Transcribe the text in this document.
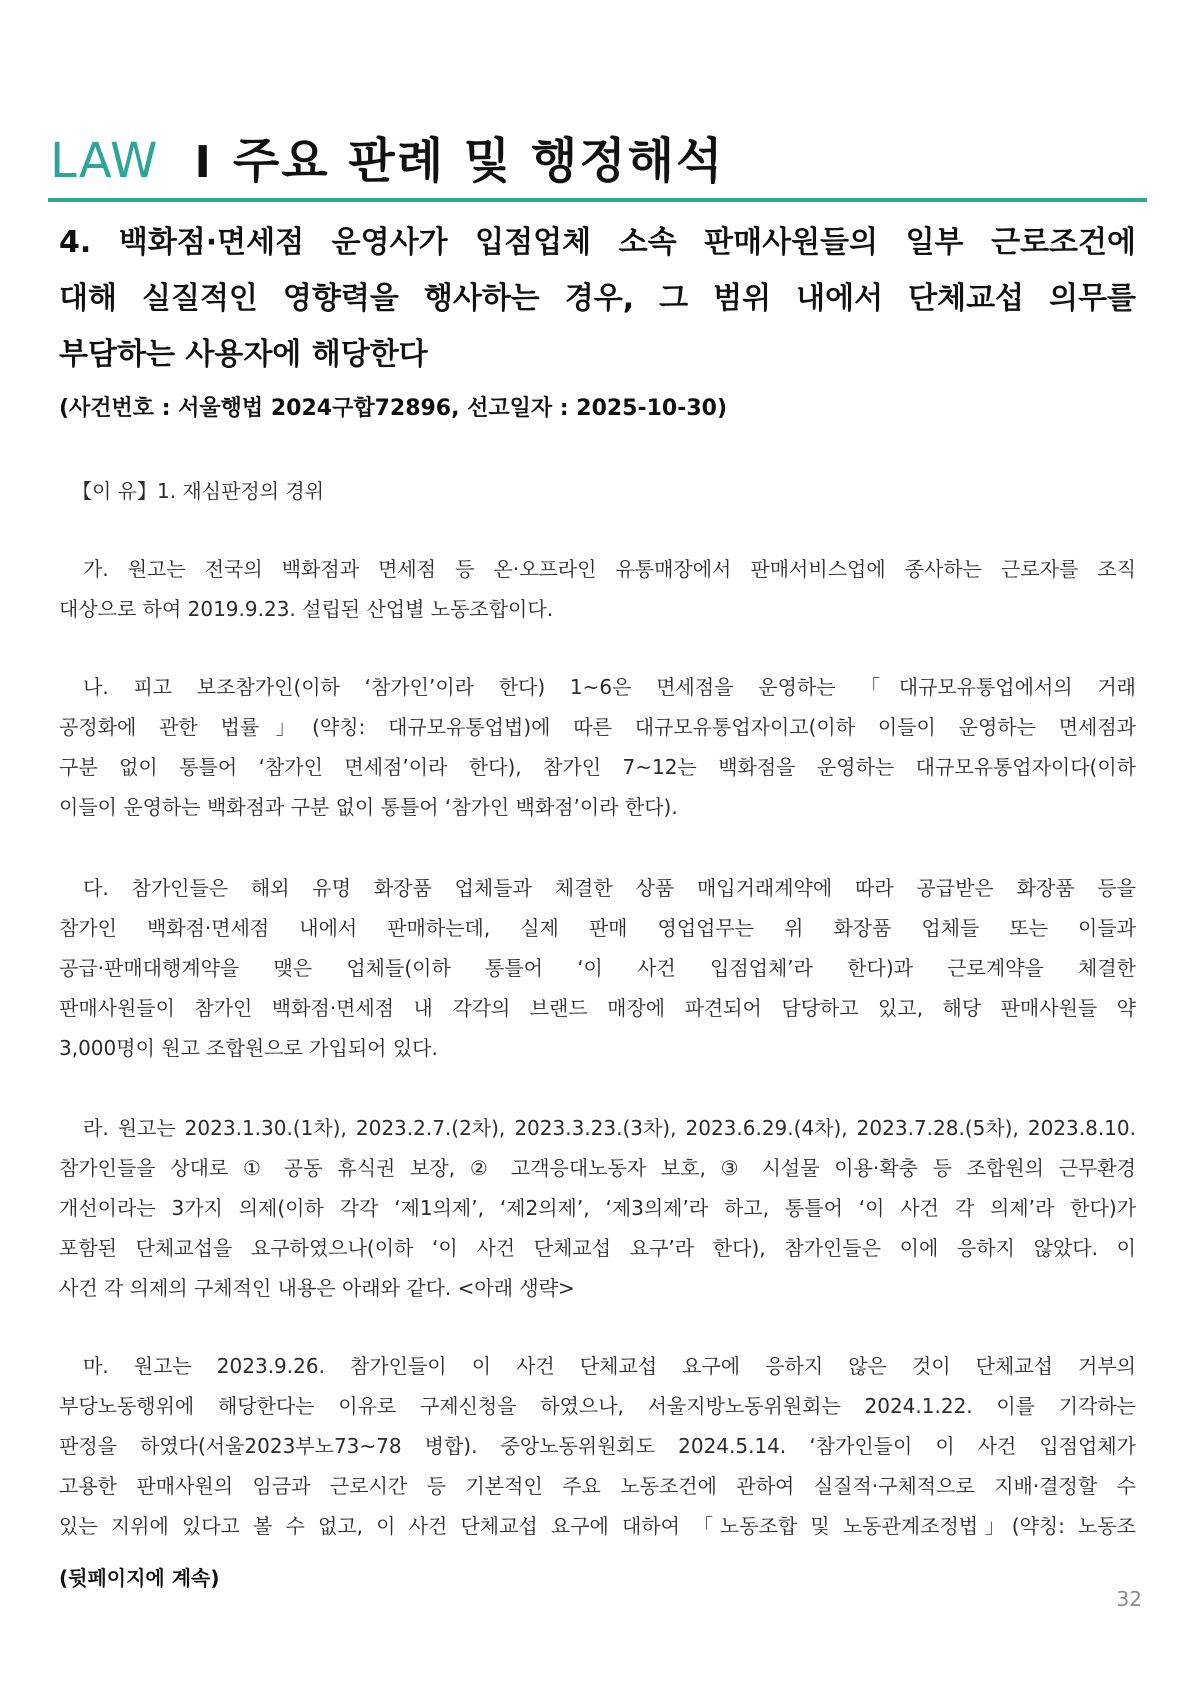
LAW I 주요 판례 및 행정해석
4. 백화점·면세점 운영사가 입점업체 소속 판매사원들의 일부 근로조건에
대해 실질적인 영향력을 행사하는 경우, 그 범위 내에서 단체교섭 의무를
부담하는 사용자에 해당한다
(사건번호 : 서울행법 2024구합72896, 선고일자 : 2025-10-30)
【이 유】1. 재심판정의 경위
가. 원고는 전국의 백화점과 면세점 등 온·오프라인 유통매장에서 판매서비스업에 종사하는 근로자를 조직
대상으로 하여 2019.9.23. 설립된 산업별 노동조합이다.
나. 피고 보조참가인(이하 ‘참가인’이라 한다) 1~6은 면세점을 운영하는 「대규모유통업에서의 거래
공정화에 관한 법률」(약칭: 대규모유통업법)에 따른 대규모유통업자이고(이하 이들이 운영하는 면세점과
구분 없이 통틀어 ‘참가인 면세점’이라 한다), 참가인 7~12는 백화점을 운영하는 대규모유통업자이다(이하
이들이 운영하는 백화점과 구분 없이 통틀어 ‘참가인 백화점’이라 한다).
다. 참가인들은 해외 유명 화장품 업체들과 체결한 상품 매입거래계약에 따라 공급받은 화장품 등을
참가인 백화점·면세점 내에서 판매하는데, 실제 판매 영업업무는 위 화장품 업체들 또는 이들과
공급·판매대행계약을 맺은 업체들(이하 통틀어 ‘이 사건 입점업체’라 한다)과 근로계약을 체결한
판매사원들이 참가인 백화점·면세점 내 각각의 브랜드 매장에 파견되어 담당하고 있고, 해당 판매사원들 약
3,000명이 원고 조합원으로 가입되어 있다.
라. 원고는 2023.1.30.(1차), 2023.2.7.(2차), 2023.3.23.(3차), 2023.6.29.(4차), 2023.7.28.(5차), 2023.8.10.
참가인들을 상대로 ① 공동 휴식권 보장, ② 고객응대노동자 보호, ③ 시설물 이용·확충 등 조합원의 근무환경
개선이라는 3가지 의제(이하 각각 ‘제1의제’, ‘제2의제’, ‘제3의제’라 하고, 통틀어 ‘이 사건 각 의제’라 한다)가
포함된 단체교섭을 요구하였으나(이하 ‘이 사건 단체교섭 요구’라 한다), 참가인들은 이에 응하지 않았다. 이
사건 각 의제의 구체적인 내용은 아래와 같다. <아래 생략>
마. 원고는 2023.9.26. 참가인들이 이 사건 단체교섭 요구에 응하지 않은 것이 단체교섭 거부의
부당노동행위에 해당한다는 이유로 구제신청을 하였으나, 서울지방노동위원회는 2024.1.22. 이를 기각하는
판정을 하였다(서울2023부노73~78 병합). 중앙노동위원회도 2024.5.14. ‘참가인들이 이 사건 입점업체가
고용한 판매사원의 임금과 근로시간 등 기본적인 주요 노동조건에 관하여 실질적·구체적으로 지배·결정할 수
있는 지위에 있다고 볼 수 없고, 이 사건 단체교섭 요구에 대하여 「노동조합 및 노동관계조정법」(약칭: 노동조
(뒷페이지에 계속)
32
